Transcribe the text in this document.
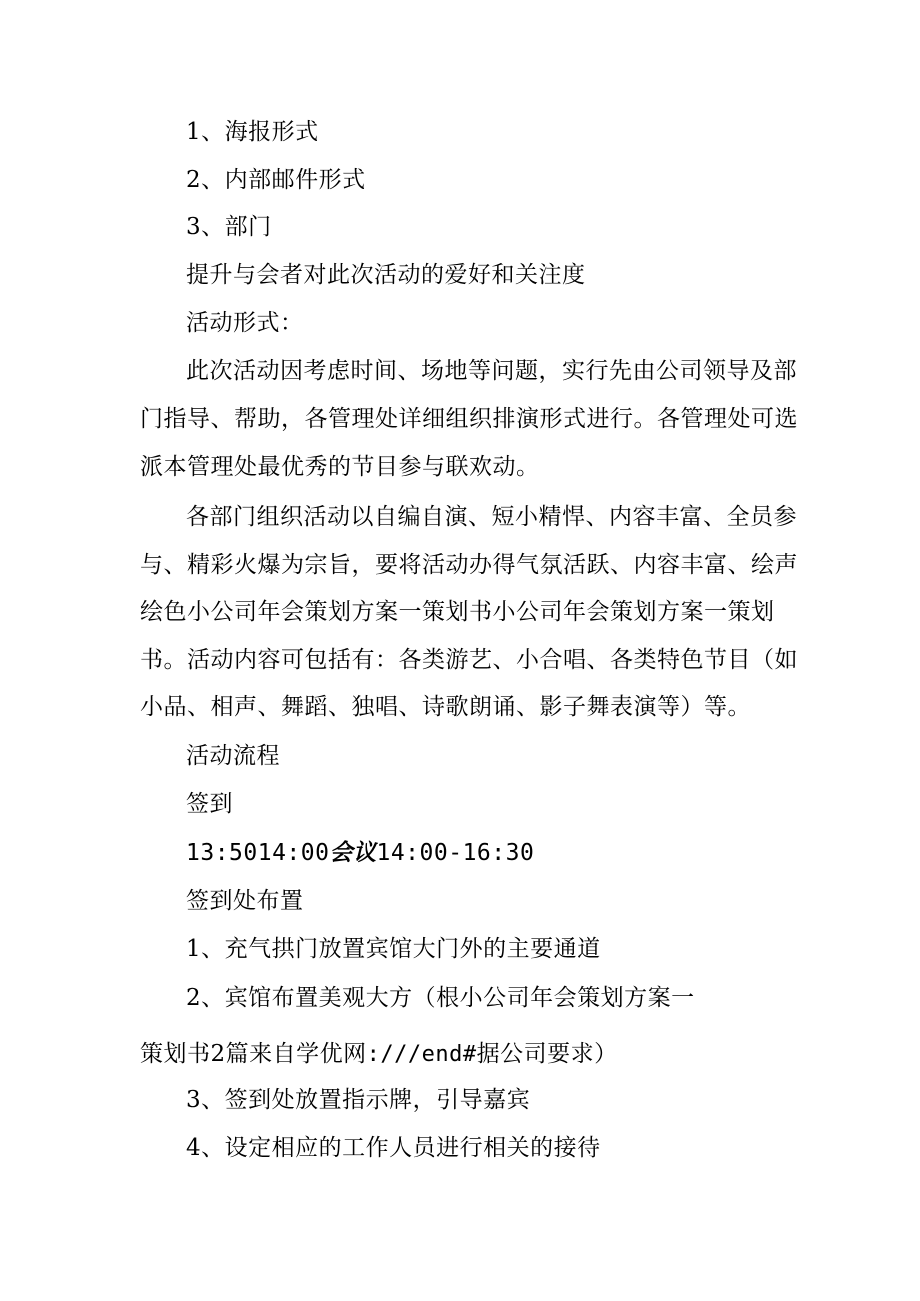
1、海报形式
2、内部邮件形式
3、部门
提升与会者对此次活动的爱好和关注度
活动形式：
此次活动因考虑时间、场地等问题，实行先由公司领导及部
门指导、帮助，各管理处详细组织排演形式进行。各管理处可选
派本管理处最优秀的节目参与联欢动。
各部门组织活动以自编自演、短小精悍、内容丰富、全员参
与、精彩火爆为宗旨，要将活动办得气氛活跃、内容丰富、绘声
绘色小公司年会策划方案一策划书小公司年会策划方案一策划
书。活动内容可包括有：各类游艺、小合唱、各类特色节目（如
小品、相声、舞蹈、独唱、诗歌朗诵、影子舞表演等）等。
活动流程
签到
13:5014:00会议14:00-16:30
签到处布置
1、充气拱门放置宾馆大门外的主要通道
2、宾馆布置美观大方（根小公司年会策划方案一
策划书2篇来自学优网:///end#据公司要求）
3、签到处放置指示牌，引导嘉宾
4、设定相应的工作人员进行相关的接待
